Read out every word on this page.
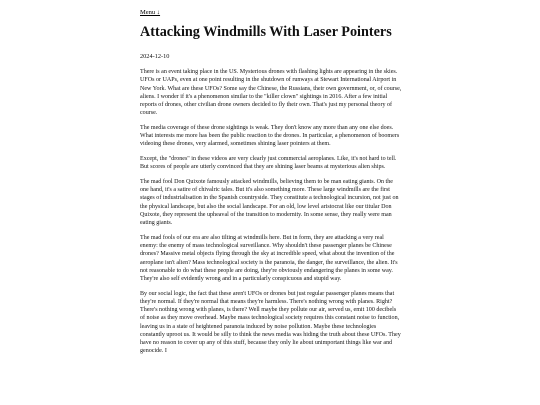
Menu ↓
Attacking Windmills With Laser Pointers
2024-12-10

There is an event taking place in the US. Mysterious drones with flashing lights are appearing in the skies. UFOs or UAPs, even at one point resulting in the shutdown of runways at Stewart International Airport in New York. What are these UFOs? Some say the Chinese, the Russians, their own government, or, of course, aliens. I wonder if it's a phenomenon similar to the "killer clown" sightings in 2016. After a few initial reports of drones, other civilian drone owners decided to fly their own. That's just my personal theory of course.

The media coverage of these drone sightings is weak. They don't know any more than any one else does. What interests me more has been the public reaction to the drones. In particular, a phenomenon of boomers videoing these drones, very alarmed, sometimes shining laser pointers at them.

Except, the "drones" in these videos are very clearly just commercial aeroplanes. Like, it's not hard to tell. But scores of people are utterly convinced that they are shining laser beams at mysterious alien ships.

The mad fool Don Quixote famously attacked windmills, believing them to be man eating giants. On the one hand, it's a satire of chivalric tales. But it's also something more. These large windmills are the first stages of industrialisation in the Spanish countryside. They constitute a technological incursion, not just on the physical landscape, but also the social landscape. For an old, low level aristocrat like our titular Don Quixote, they represent the upheaval of the transition to modernity. In some sense, they really were man eating giants.

The mad fools of our era are also tilting at windmills here. But in form, they are attacking a very real enemy: the enemy of mass technological surveillance. Why shouldn't these passenger planes be Chinese drones? Massive metal objects flying through the sky at incredible speed, what about the invention of the aeroplane isn't alien? Mass technological society is the paranoia, the danger, the surveillance, the alien. It's not reasonable to do what these people are doing, they're obviously endangering the planes in some way. They're also self evidently wrong and in a particularly conspicuous and stupid way.

By our social logic, the fact that these aren't UFOs or drones but just regular passenger planes means that they're normal. If they're normal that means they're harmless. There's nothing wrong with planes. Right? There's nothing wrong with planes, is there? Well maybe they pollute our air, served us, emit 100 decibels of noise as they move overhead. Maybe mass technological society requires this constant noise to function, leaving us in a state of heightened paranoia induced by noise pollution. Maybe these technologies constantly uproot us. It would be silly to think the news media was hiding the truth about these UFOs. They have no reason to cover up any of this stuff, because they only lie about unimportant things like war and genocide. I
